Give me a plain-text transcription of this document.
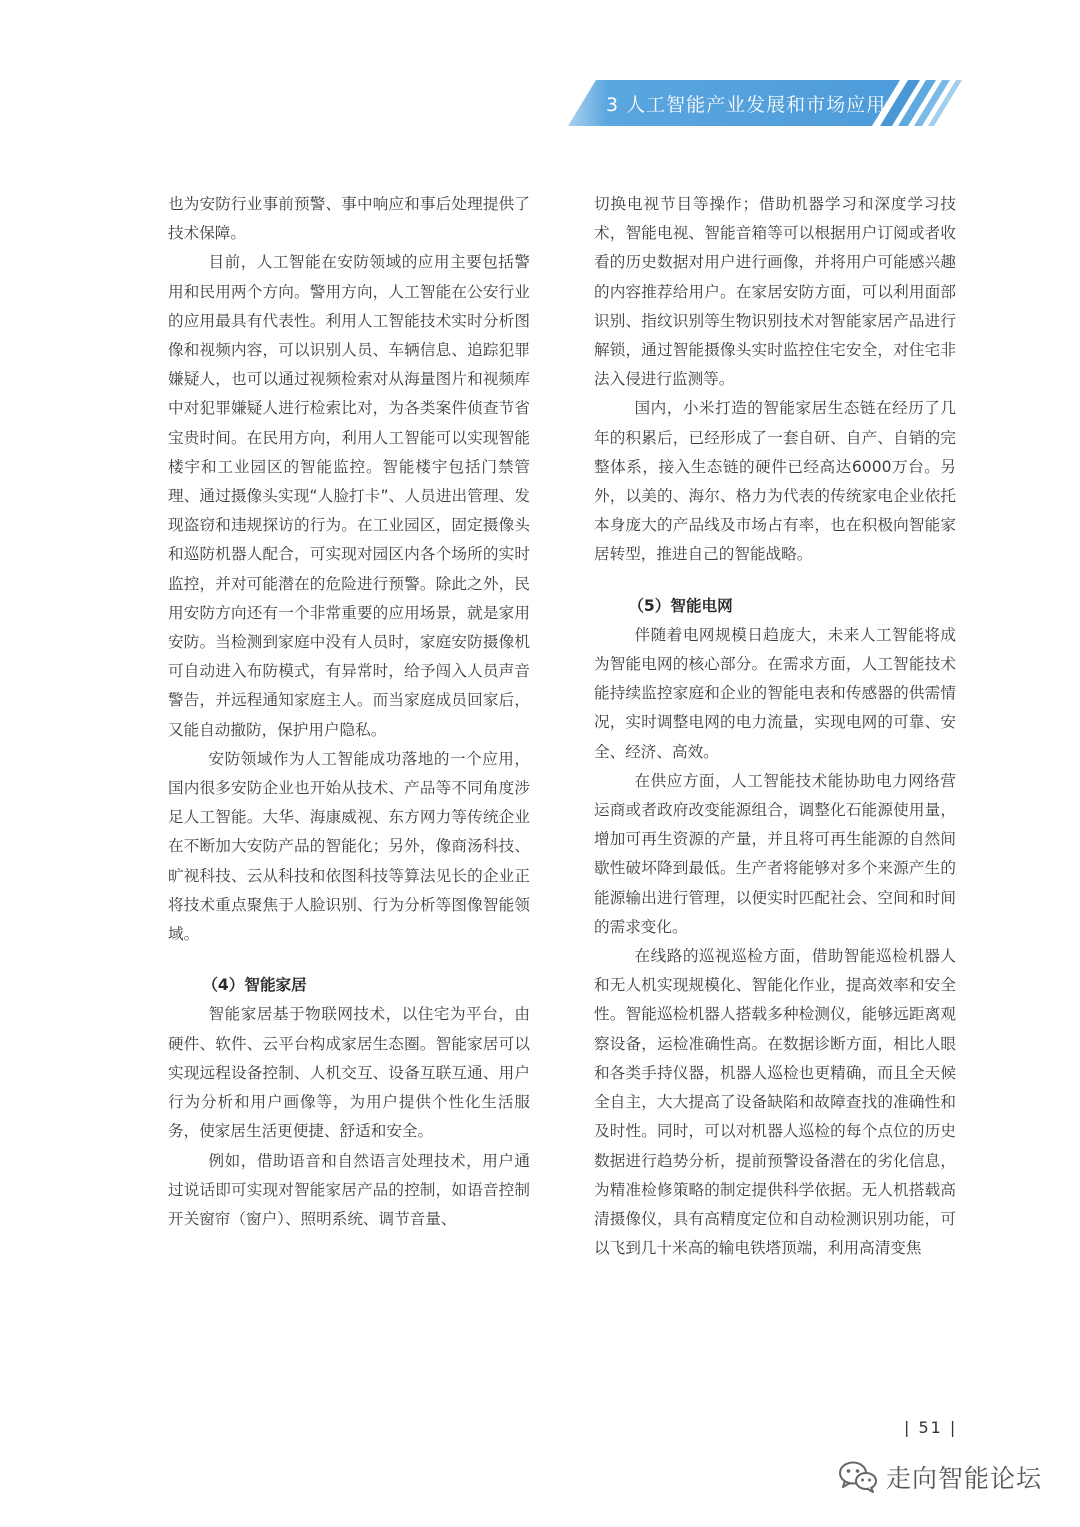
3 人工智能产业发展和市场应用

也为安防行业事前预警、事中响应和事后处理提供了技术保障。

目前，人工智能在安防领域的应用主要包括警用和民用两个方向。警用方向，人工智能在公安行业的应用最具有代表性。利用人工智能技术实时分析图像和视频内容，可以识别人员、车辆信息、追踪犯罪嫌疑人，也可以通过视频检索对从海量图片和视频库中对犯罪嫌疑人进行检索比对，为各类案件侦查节省宝贵时间。在民用方向，利用人工智能可以实现智能楼宇和工业园区的智能监控。智能楼宇包括门禁管理、通过摄像头实现“人脸打卡”、人员进出管理、发现盗窃和违规探访的行为。在工业园区，固定摄像头和巡防机器人配合，可实现对园区内各个场所的实时监控，并对可能潜在的危险进行预警。除此之外，民用安防方向还有一个非常重要的应用场景，就是家用安防。当检测到家庭中没有人员时，家庭安防摄像机可自动进入布防模式，有异常时，给予闯入人员声音警告，并远程通知家庭主人。而当家庭成员回家后，又能自动撤防，保护用户隐私。

安防领域作为人工智能成功落地的一个应用，国内很多安防企业也开始从技术、产品等不同角度涉足人工智能。大华、海康威视、东方网力等传统企业在不断加大安防产品的智能化；另外，像商汤科技、旷视科技、云从科技和依图科技等算法见长的企业正将技术重点聚焦于人脸识别、行为分析等图像智能领域。

（4）智能家居

智能家居基于物联网技术，以住宅为平台，由硬件、软件、云平台构成家居生态圈。智能家居可以实现远程设备控制、人机交互、设备互联互通、用户行为分析和用户画像等，为用户提供个性化生活服务，使家居生活更便捷、舒适和安全。

例如，借助语音和自然语言处理技术，用户通过说话即可实现对智能家居产品的控制，如语音控制开关窗帘（窗户）、照明系统、调节音量、

切换电视节目等操作；借助机器学习和深度学习技术，智能电视、智能音箱等可以根据用户订阅或者收看的历史数据对用户进行画像，并将用户可能感兴趣的内容推荐给用户。在家居安防方面，可以利用面部识别、指纹识别等生物识别技术对智能家居产品进行解锁，通过智能摄像头实时监控住宅安全，对住宅非法入侵进行监测等。

国内，小米打造的智能家居生态链在经历了几年的积累后，已经形成了一套自研、自产、自销的完整体系，接入生态链的硬件已经高达6000万台。另外，以美的、海尔、格力为代表的传统家电企业依托本身庞大的产品线及市场占有率，也在积极向智能家居转型，推进自己的智能战略。

（5）智能电网

伴随着电网规模日趋庞大，未来人工智能将成为智能电网的核心部分。在需求方面，人工智能技术能持续监控家庭和企业的智能电表和传感器的供需情况，实时调整电网的电力流量，实现电网的可靠、安全、经济、高效。

在供应方面，人工智能技术能协助电力网络营运商或者政府改变能源组合，调整化石能源使用量，增加可再生资源的产量，并且将可再生能源的自然间歇性破坏降到最低。生产者将能够对多个来源产生的能源输出进行管理，以便实时匹配社会、空间和时间的需求变化。

在线路的巡视巡检方面，借助智能巡检机器人和无人机实现规模化、智能化作业，提高效率和安全性。智能巡检机器人搭载多种检测仪，能够远距离观察设备，运检准确性高。在数据诊断方面，相比人眼和各类手持仪器，机器人巡检也更精确，而且全天候全自主，大大提高了设备缺陷和故障查找的准确性和及时性。同时，可以对机器人巡检的每个点位的历史数据进行趋势分析，提前预警设备潜在的劣化信息，为精准检修策略的制定提供科学依据。无人机搭载高清摄像仪，具有高精度定位和自动检测识别功能，可以飞到几十米高的输电铁塔顶端，利用高清变焦

| 51 |
走向智能论坛
